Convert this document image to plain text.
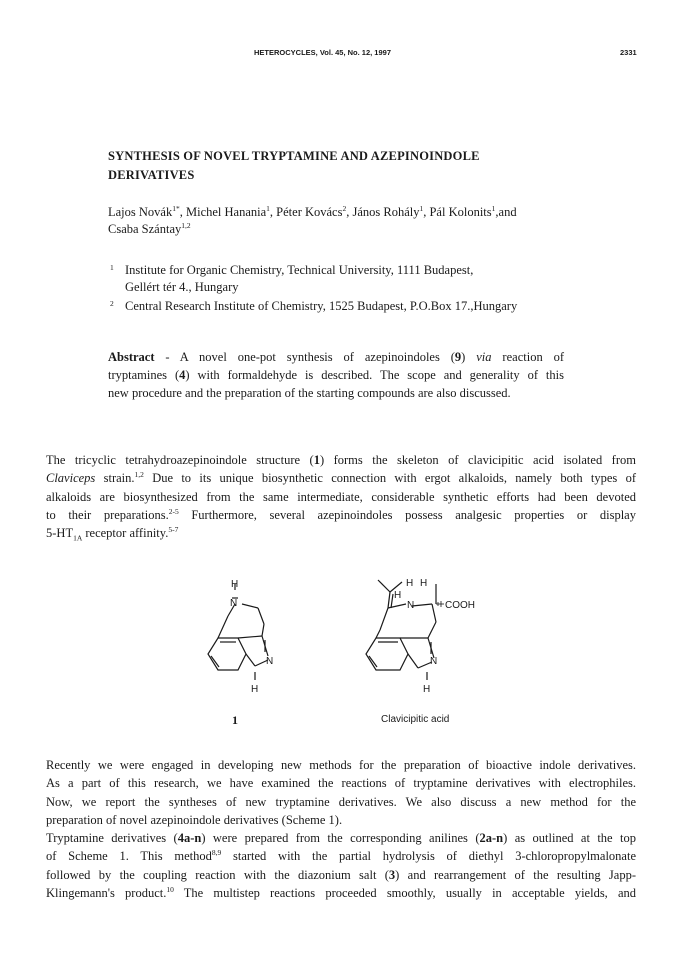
HETEROCYCLES, Vol. 45, No. 12, 1997	2331
SYNTHESIS OF NOVEL TRYPTAMINE AND AZEPINOINDOLE
DERIVATIVES
Lajos Novák$^{1*}$, Michel Hanania$^1$, Péter Kovács$^2$, János Rohály$^1$, Pál Kolonits$^1$,and
Csaba Szántay$^{1,2}$
1 Institute for Organic Chemistry, Technical University, 1111 Budapest,
Gellért tér 4., Hungary
2 Central Research Institute of Chemistry, 1525 Budapest, P.O.Box 17.,Hungary
Abstract - A novel one-pot synthesis of azepinoindoles (9) via reaction of
tryptamines (4) with formaldehyde is described. The scope and generality of this
new procedure and the preparation of the starting compounds are also discussed.
The tricyclic tetrahydroazepinoindole structure (1) forms the skeleton of clavicipitic acid isolated from
Claviceps strain.$^{1,2}$ Due to its unique biosynthetic connection with ergot alkaloids, namely both types of
alkaloids are biosynthesized from the same intermediate, considerable synthetic efforts had been devoted
to their preparations.$^{2-5}$ Furthermore, several azepinoindoles possess analgesic properties or display
$5-HT_{1A}$ receptor affinity.$^{5-7}$
H
N
N
H
H H
H
N	COOH
N
H
1	Clavicipitic acid
Recently we were engaged in developing new methods for the preparation of bioactive indole derivatives.
As a part of this research, we have examined the reactions of tryptamine derivatives with electrophiles.
Now, we report the syntheses of new tryptamine derivatives. We also discuss a new method for the
preparation of novel azepinoindole derivatives (Scheme 1).
Tryptamine derivatives (4a-n) were prepared from the corresponding anilines (2a-n) as outlined at the top
of Scheme 1. This method$^{8,9}$ started with the partial hydrolysis of diethyl 3-chloropropylmalonate
followed by the coupling reaction with the diazonium salt (3) and rearrangement of the resulting Japp-
Klingemann's product.$^{10}$ The multistep reactions proceeded smoothly, usually in acceptable yields, and
